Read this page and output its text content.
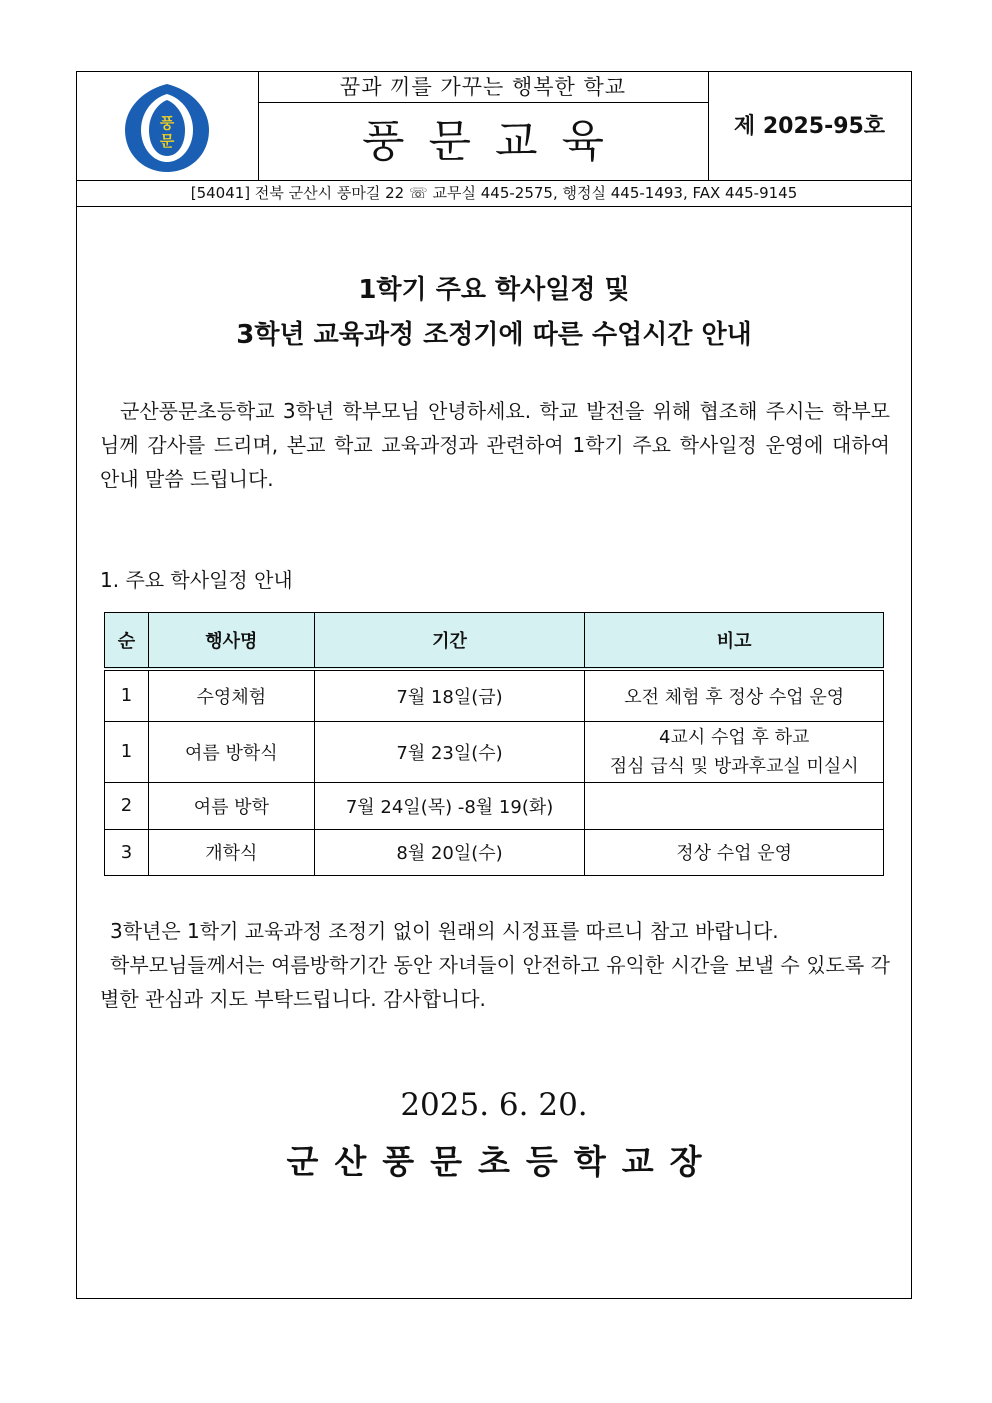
풍
문
꿈과 끼를 가꾸는 행복한 학교
풍문교육	제 2025-95호
[54041] 전북 군산시 풍마길 22 ☏ 교무실 445-2575, 행정실 445-1493, FAX 445-9145
1학기 주요 학사일정 및
3학년 교육과정 조정기에 따른 수업시간 안내
군산풍문초등학교 3학년 학부모님 안녕하세요. 학교 발전을 위해 협조해 주시는 학부모님께 감사를 드리며, 본교 학교 교육과정과 관련하여 1학기 주요 학사일정 운영에 대하여 안내 말씀 드립니다.
1. 주요 학사일정 안내
순	행사명	기간	비고
1	수영체험	7월 18일(금)	오전 체험 후 정상 수업 운영
1	여름 방학식	7월 23일(수)	4교시 수업 후 하교
점심 급식 및 방과후교실 미실시

2	여름 방학	7월 24일(목) -8월 19(화)	
3	개학식	8월 20일(수)	정상 수업 운영
3학년은 1학기 교육과정 조정기 없이 원래의 시정표를 따르니 참고 바랍니다.
학부모님들께서는 여름방학기간 동안 자녀들이 안전하고 유익한 시간을 보낼 수 있도록 각별한 관심과 지도 부탁드립니다. 감사합니다.
2025. 6. 20.
군산풍문초등학교장
